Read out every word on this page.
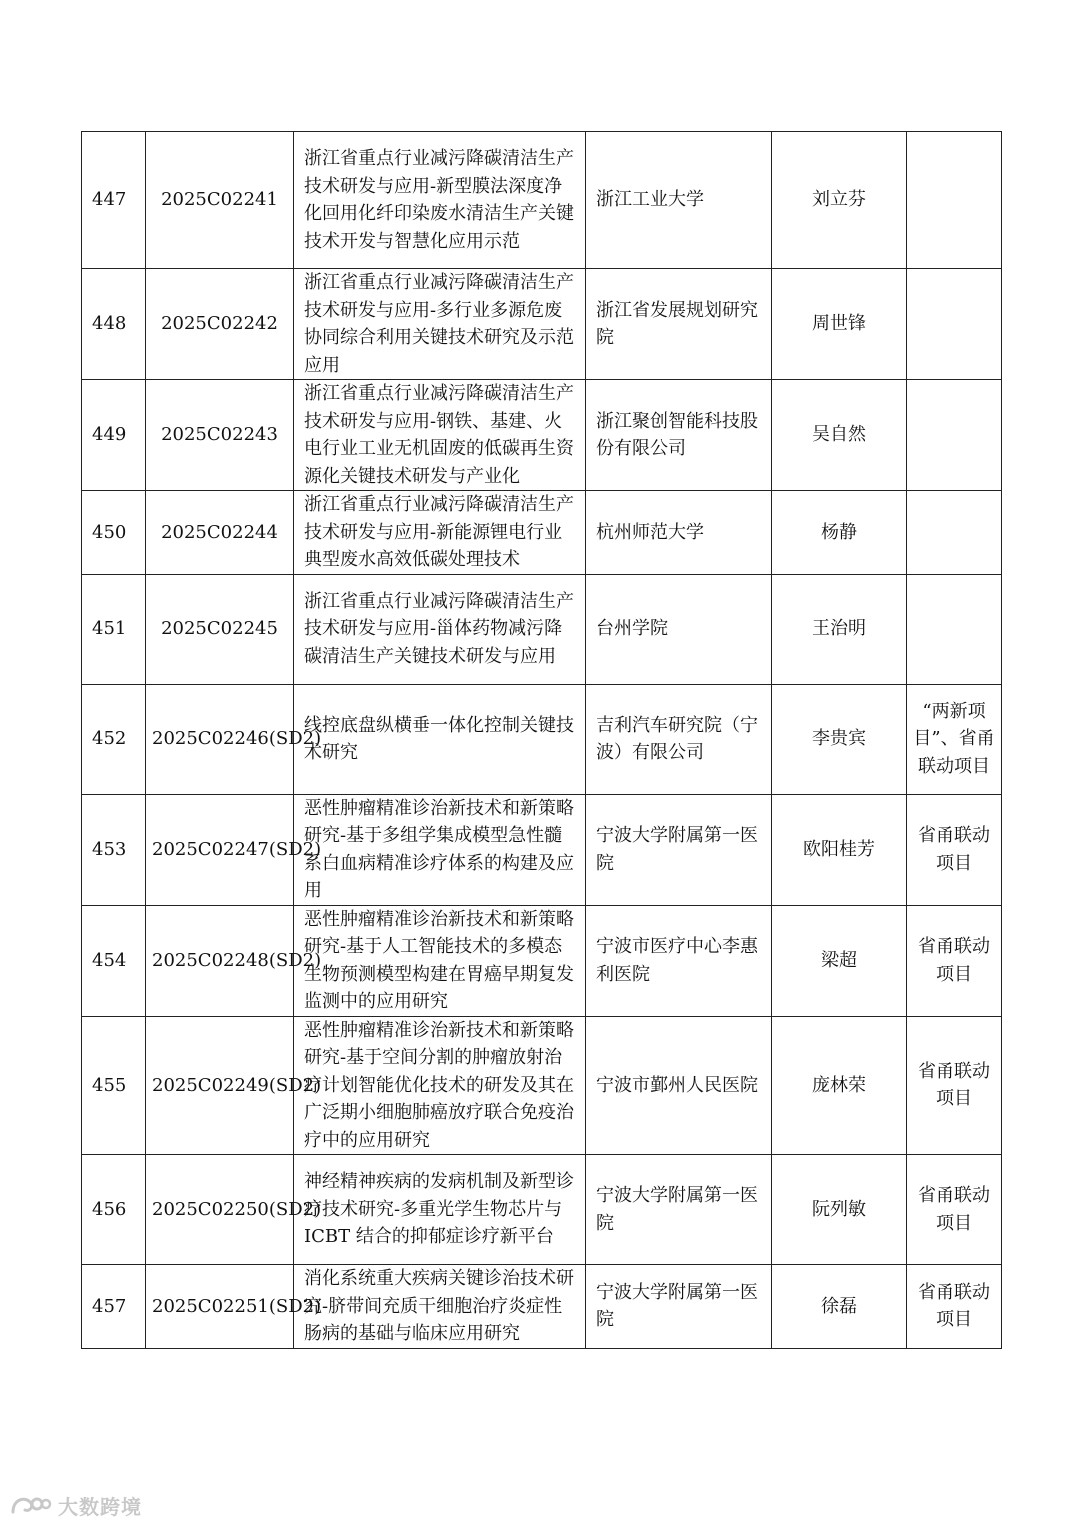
447	2025C02241	浙江省重点行业减污降碳清洁生产技术研发与应用-新型膜法深度净化回用化纤印染废水清洁生产关键技术开发与智慧化应用示范	浙江工业大学	刘立芬	
448	2025C02242	浙江省重点行业减污降碳清洁生产技术研发与应用-多行业多源危废协同综合利用关键技术研究及示范应用	浙江省发展规划研究院	周世锋	
449	2025C02243	浙江省重点行业减污降碳清洁生产技术研发与应用-钢铁、基建、火电行业工业无机固废的低碳再生资源化关键技术研发与产业化	浙江聚创智能科技股份有限公司	吴自然	
450	2025C02244	浙江省重点行业减污降碳清洁生产技术研发与应用-新能源锂电行业典型废水高效低碳处理技术	杭州师范大学	杨静	
451	2025C02245	浙江省重点行业减污降碳清洁生产技术研发与应用-甾体药物减污降碳清洁生产关键技术研发与应用	台州学院	王治明	
452	2025C02246(SD2)	线控底盘纵横垂一体化控制关键技术研究	吉利汽车研究院（宁波）有限公司	李贵宾	“两新项目”、省甬联动项目
453	2025C02247(SD2)	恶性肿瘤精准诊治新技术和新策略研究-基于多组学集成模型急性髓系白血病精准诊疗体系的构建及应用	宁波大学附属第一医院	欧阳桂芳	省甬联动项目
454	2025C02248(SD2)	恶性肿瘤精准诊治新技术和新策略研究-基于人工智能技术的多模态生物预测模型构建在胃癌早期复发监测中的应用研究	宁波市医疗中心李惠利医院	梁超	省甬联动项目
455	2025C02249(SD2)	恶性肿瘤精准诊治新技术和新策略研究-基于空间分割的肿瘤放射治疗计划智能优化技术的研发及其在广泛期小细胞肺癌放疗联合免疫治疗中的应用研究	宁波市鄞州人民医院	庞林荣	省甬联动项目
456	2025C02250(SD2)	神经精神疾病的发病机制及新型诊疗技术研究-多重光学生物芯片与 ICBT 结合的抑郁症诊疗新平台	宁波大学附属第一医院	阮列敏	省甬联动项目
457	2025C02251(SD2)	消化系统重大疾病关键诊治技术研究-脐带间充质干细胞治疗炎症性肠病的基础与临床应用研究	宁波大学附属第一医院	徐磊	省甬联动项目
大数跨境
